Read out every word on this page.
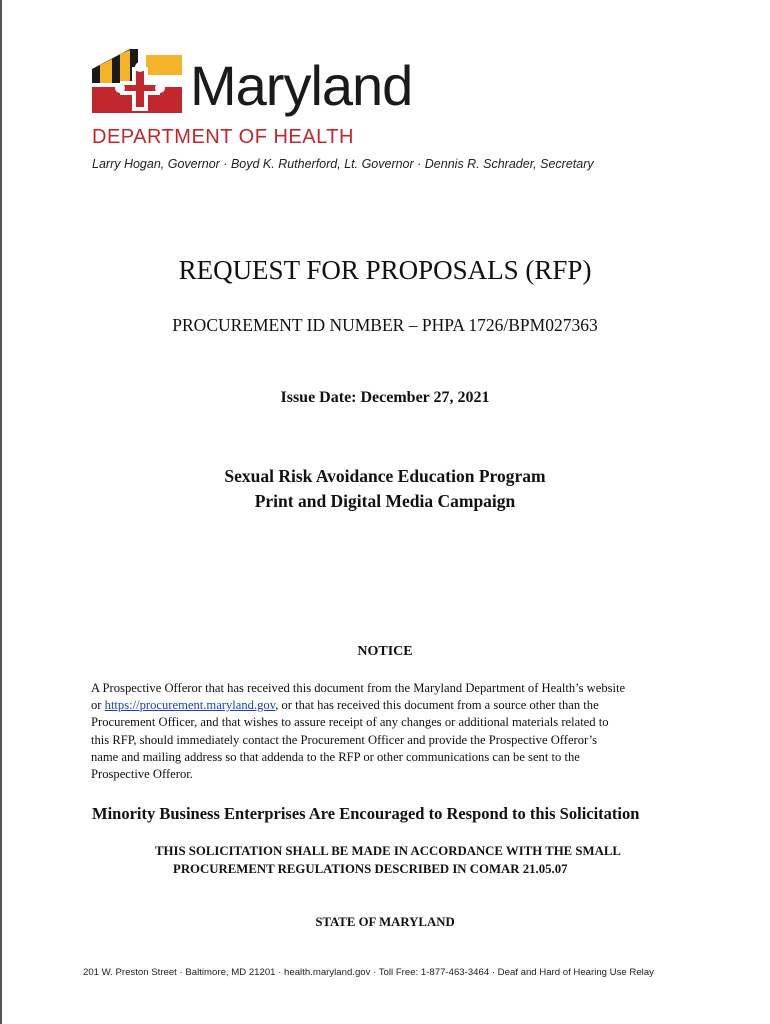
Maryland
DEPARTMENT OF HEALTH
Larry Hogan, Governor · Boyd K. Rutherford, Lt. Governor · Dennis R. Schrader, Secretary
REQUEST FOR PROPOSALS (RFP)
PROCUREMENT ID NUMBER – PHPA 1726/BPM027363
Issue Date: December 27, 2021
Sexual Risk Avoidance Education Program
Print and Digital Media Campaign
NOTICE
A Prospective Offeror that has received this document from the Maryland Department of Health’s website
or https://procurement.maryland.gov, or that has received this document from a source other than the
Procurement Officer, and that wishes to assure receipt of any changes or additional materials related to
this RFP, should immediately contact the Procurement Officer and provide the Prospective Offeror’s
name and mailing address so that addenda to the RFP or other communications can be sent to the
Prospective Offeror.
Minority Business Enterprises Are Encouraged to Respond to this Solicitation
THIS SOLICITATION SHALL BE MADE IN ACCORDANCE WITH THE SMALL
PROCUREMENT REGULATIONS DESCRIBED IN COMAR 21.05.07
STATE OF MARYLAND
201 W. Preston Street · Baltimore, MD 21201 · health.maryland.gov · Toll Free: 1-877-463-3464 · Deaf and Hard of Hearing Use Relay
